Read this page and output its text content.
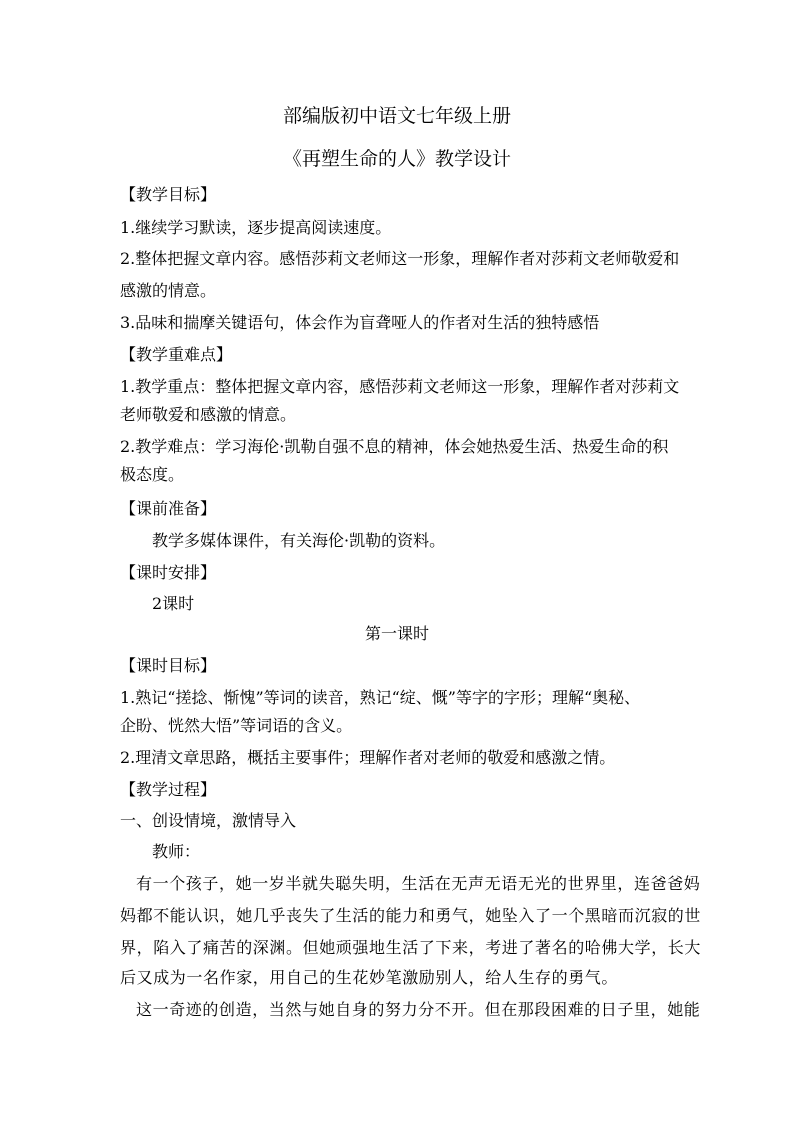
部编版初中语文七年级上册
《再塑生命的人》教学设计
【教学目标】
1.继续学习默读，逐步提高阅读速度。
2.整体把握文章内容。感悟莎莉文老师这一形象，理解作者对莎莉文老师敬爱和
感激的情意。
3.品味和揣摩关键语句，体会作为盲聋哑人的作者对生活的独特感悟
【教学重难点】
1.教学重点：整体把握文章内容，感悟莎莉文老师这一形象，理解作者对莎莉文
老师敬爱和感激的情意。
2.教学难点：学习海伦·凯勒自强不息的精神，体会她热爱生活、热爱生命的积
极态度。
【课前准备】
教学多媒体课件，有关海伦·凯勒的资料。
【课时安排】
2课时
第一课时
【课时目标】
1.熟记“搓捻、惭愧”等词的读音，熟记“绽、慨”等字的字形；理解“奥秘、
企盼、恍然大悟”等词语的含义。
2.理清文章思路，概括主要事件；理解作者对老师的敬爱和感激之情。
【教学过程】
一、创设情境，激情导入
教师：
有一个孩子，她一岁半就失聪失明，生活在无声无语无光的世界里，连爸爸妈
妈都不能认识，她几乎丧失了生活的能力和勇气，她坠入了一个黑暗而沉寂的世
界，陷入了痛苦的深渊。但她顽强地生活了下来，考进了著名的哈佛大学，长大
后又成为一名作家，用自己的生花妙笔激励别人，给人生存的勇气。
这一奇迹的创造，当然与她自身的努力分不开。但在那段困难的日子里，她能
